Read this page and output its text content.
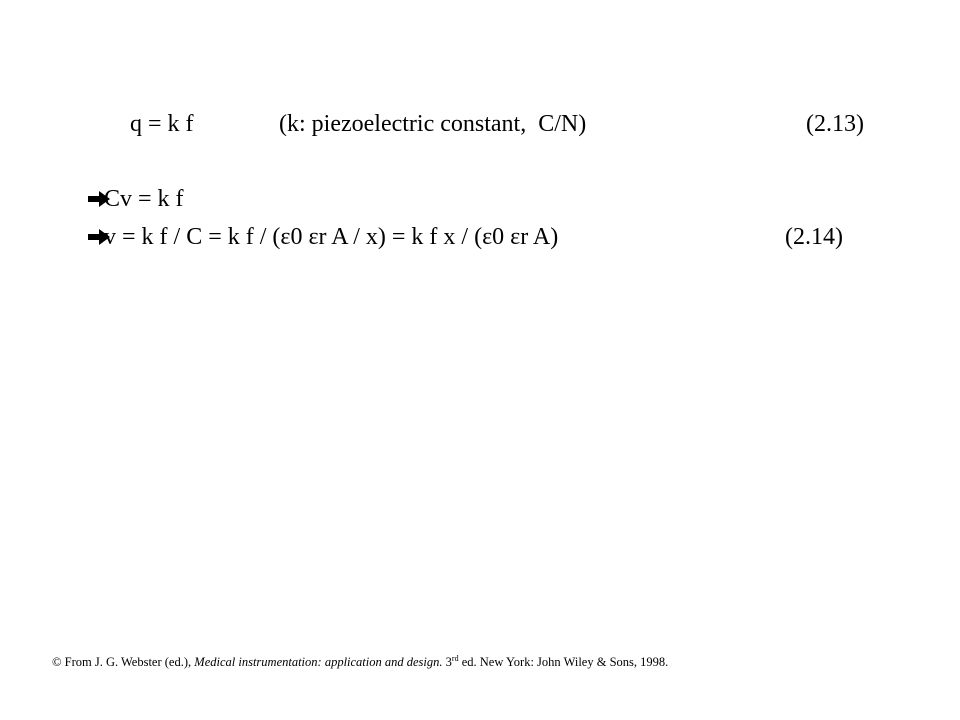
q = k f	(k: piezoelectric constant,  C/N)	(2.13)
Cv = k f
v = k f / C = k f / (ε0 εr A / x) = k f x / (ε0 εr A)	(2.14)
© From J. G. Webster (ed.), Medical instrumentation: application and design. 3rd ed. New York: John Wiley & Sons, 1998.
